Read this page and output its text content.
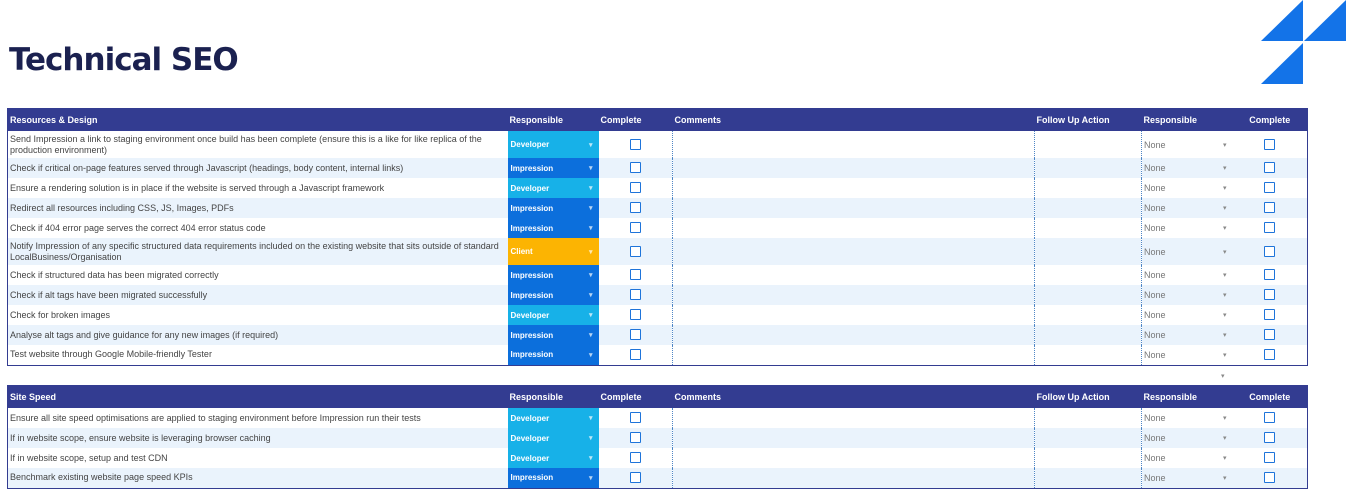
Technical SEO
Resources & Design	Responsible	Complete	Comments	Follow Up Action	Responsible	Complete
Send Impression a link to staging environment once build has been complete (ensure this is a like for like replica of the production environment)	Developer ▾				None ▾	

Check if critical on-page features served through Javascript (headings, body content, internal links)	Impression ▾				None ▾	

Ensure a rendering solution is in place if the website is served through a Javascript framework	Developer ▾				None ▾	

Redirect all resources including CSS, JS, Images, PDFs	Impression ▾				None ▾	

Check if 404 error page serves the correct 404 error status code	Impression ▾				None ▾	

Notify Impression of any specific structured data requirements included on the existing website that sits outside of standard LocalBusiness/Organisation	Client ▾				None ▾	

Check if structured data has been migrated correctly	Impression ▾				None ▾	

Check if alt tags have been migrated successfully	Impression ▾				None ▾	

Check for broken images	Developer ▾				None ▾	

Analyse alt tags and give guidance for any new images (if required)	Impression ▾				None ▾	

Test website through Google Mobile-friendly Tester	Impression ▾				None ▾	

▾
Site Speed	Responsible	Complete	Comments	Follow Up Action	Responsible	Complete
Ensure all site speed optimisations are applied to staging environment before Impression run their tests	Developer ▾				None ▾	

If in website scope, ensure website is leveraging browser caching	Developer ▾				None ▾	

If in website scope, setup and test CDN	Developer ▾				None ▾	

Benchmark existing website page speed KPIs	Impression ▾				None ▾	
